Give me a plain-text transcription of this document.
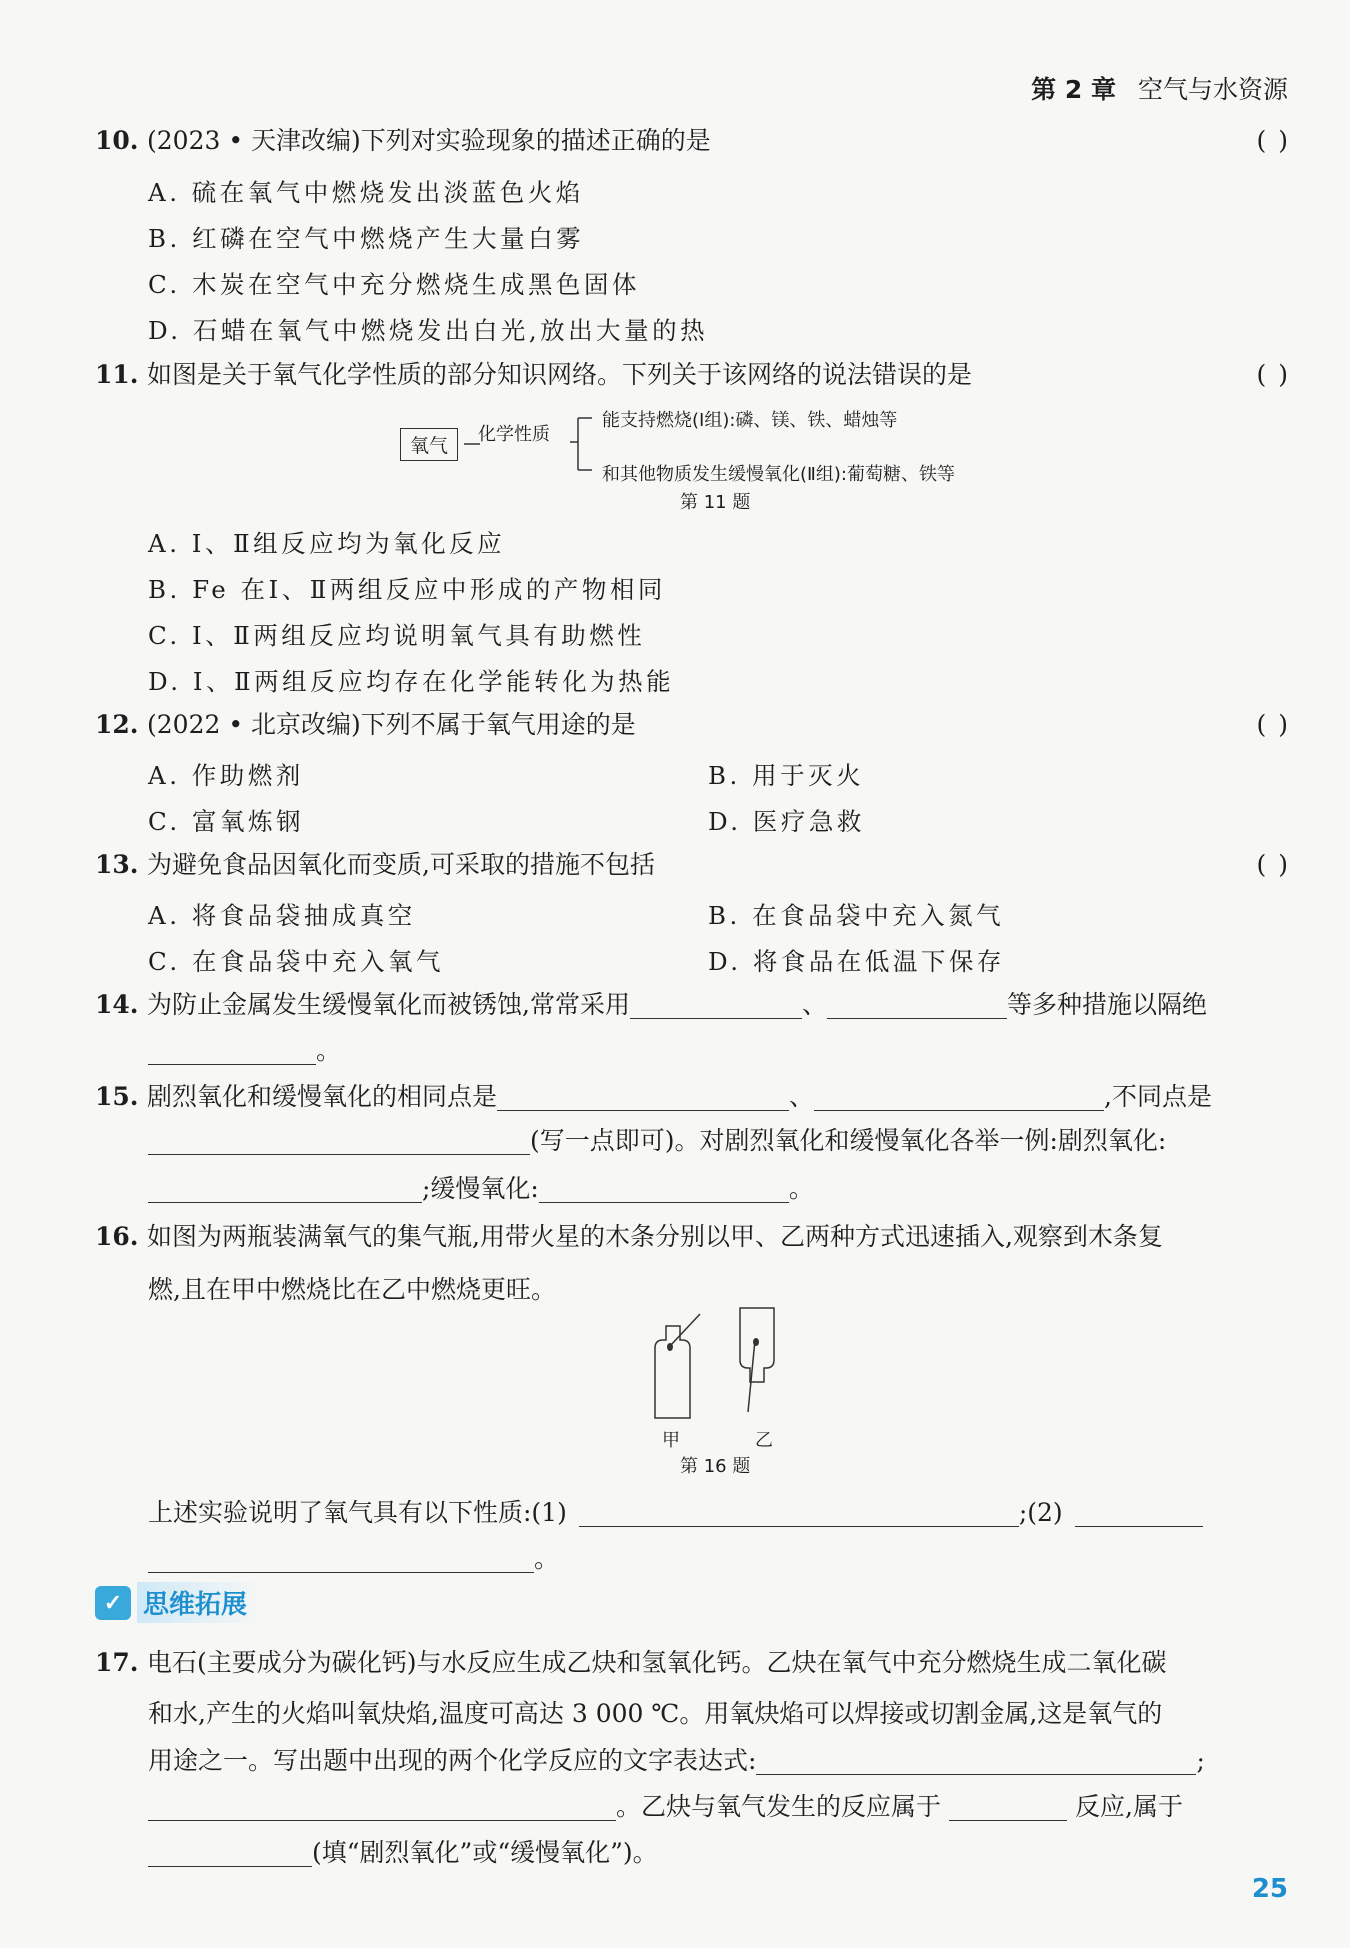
第 2 章 空气与水资源
10. (2023 • 天津改编)下列对实验现象的描述正确的是	( )
A. 硫在氧气中燃烧发出淡蓝色火焰
B. 红磷在空气中燃烧产生大量白雾
C. 木炭在空气中充分燃烧生成黑色固体
D. 石蜡在氧气中燃烧发出白光,放出大量的热
11. 如图是关于氧气化学性质的部分知识网络。下列关于该网络的说法错误的是	( )
氧气
化学性质
能支持燃烧(Ⅰ组):磷、镁、铁、蜡烛等
和其他物质发生缓慢氧化(Ⅱ组):葡萄糖、铁等
第 11 题
A. Ⅰ、Ⅱ组反应均为氧化反应
B. Fe 在Ⅰ、Ⅱ两组反应中形成的产物相同
C. Ⅰ、Ⅱ两组反应均说明氧气具有助燃性
D. Ⅰ、Ⅱ两组反应均存在化学能转化为热能
12. (2022 • 北京改编)下列不属于氧气用途的是	( )
A. 作助燃剂	B. 用于灭火
C. 富氧炼钢	D. 医疗急救
13. 为避免食品因氧化而变质,可采取的措施不包括	( )
A. 将食品袋抽成真空	B. 在食品袋中充入氮气
C. 在食品袋中充入氧气	D. 将食品在低温下保存
14. 为防止金属发生缓慢氧化而被锈蚀,常常采用	、	等多种措施以隔绝
。
15. 剧烈氧化和缓慢氧化的相同点是	、	,不同点是
(写一点即可)。对剧烈氧化和缓慢氧化各举一例:剧烈氧化:
;缓慢氧化:	。
16. 如图为两瓶装满氧气的集气瓶,用带火星的木条分别以甲、乙两种方式迅速插入,观察到木条复
燃,且在甲中燃烧比在乙中燃烧更旺。
甲	乙
第 16 题
上述实验说明了氧气具有以下性质:(1)	;(2)
。
✓ 思维拓展
17. 电石(主要成分为碳化钙)与水反应生成乙炔和氢氧化钙。乙炔在氧气中充分燃烧生成二氧化碳
和水,产生的火焰叫氧炔焰,温度可高达 3 000 ℃。用氧炔焰可以焊接或切割金属,这是氧气的
用途之一。写出题中出现的两个化学反应的文字表达式:	;
。乙炔与氧气发生的反应属于	反应,属于
(填“剧烈氧化”或“缓慢氧化”)。
25
